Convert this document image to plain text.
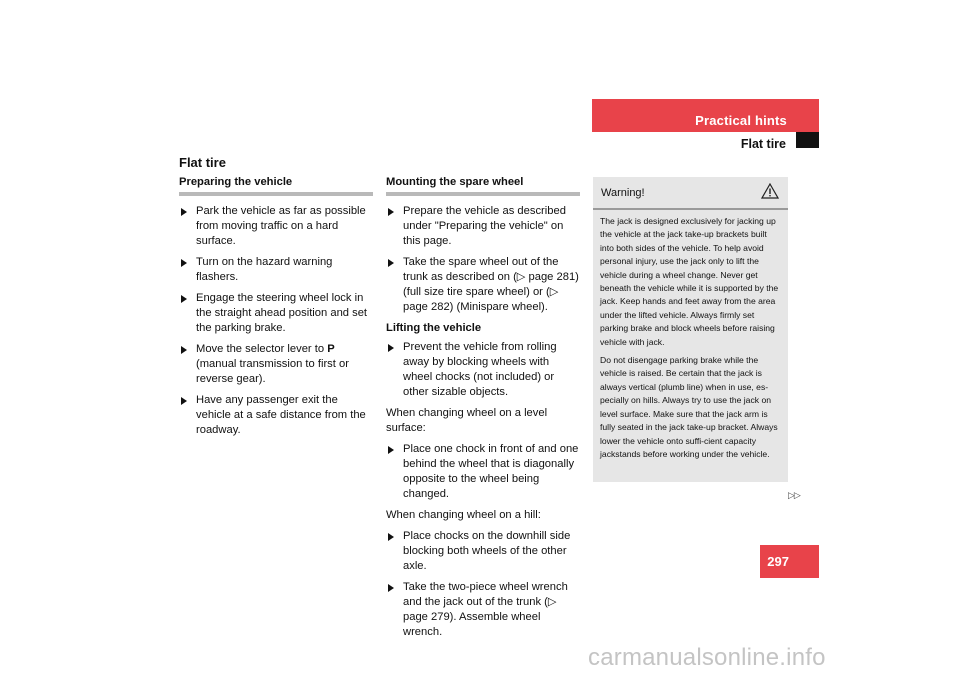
Practical hints
Flat tire
Flat tire
Preparing the vehicle
Park the vehicle as far as possible from moving traffic on a hard surface.
Turn on the hazard warning flashers.
Engage the steering wheel lock in the straight ahead position and set the parking brake.
Move the selector lever to P (manual transmission to first or reverse gear).
Have any passenger exit the vehicle at a safe distance from the roadway.
Mounting the spare wheel
Prepare the vehicle as described under "Preparing the vehicle" on this page.
Take the spare wheel out of the trunk as described on (▷ page 281) (full size tire spare wheel) or (▷ page 282) (Minispare wheel).
Lifting the vehicle
Prevent the vehicle from rolling away by blocking wheels with wheel chocks (not included) or other sizable objects.
When changing wheel on a level surface:
Place one chock in front of and one behind the wheel that is diagonally opposite to the wheel being changed.
When changing wheel on a hill:
Place chocks on the downhill side blocking both wheels of the other axle.
Take the two-piece wheel wrench and the jack out of the trunk (▷ page 279). Assemble wheel wrench.
Warning!

The jack is designed exclusively for jacking up the vehicle at the jack take-up brackets built into both sides of the vehicle. To help avoid personal injury, use the jack only to lift the vehicle during a wheel change. Never get beneath the vehicle while it is supported by the jack. Keep hands and feet away from the area under the lifted vehicle. Always firmly set parking brake and block wheels before raising vehicle with jack.

Do not disengage parking brake while the vehicle is raised. Be certain that the jack is always vertical (plumb line) when in use, es-pecially on hills. Always try to use the jack on level surface. Make sure that the jack arm is fully seated in the jack take-up bracket. Always lower the vehicle onto suffi-cient capacity jackstands before working under the vehicle.

▷▷
297
carmanualsonline.info
